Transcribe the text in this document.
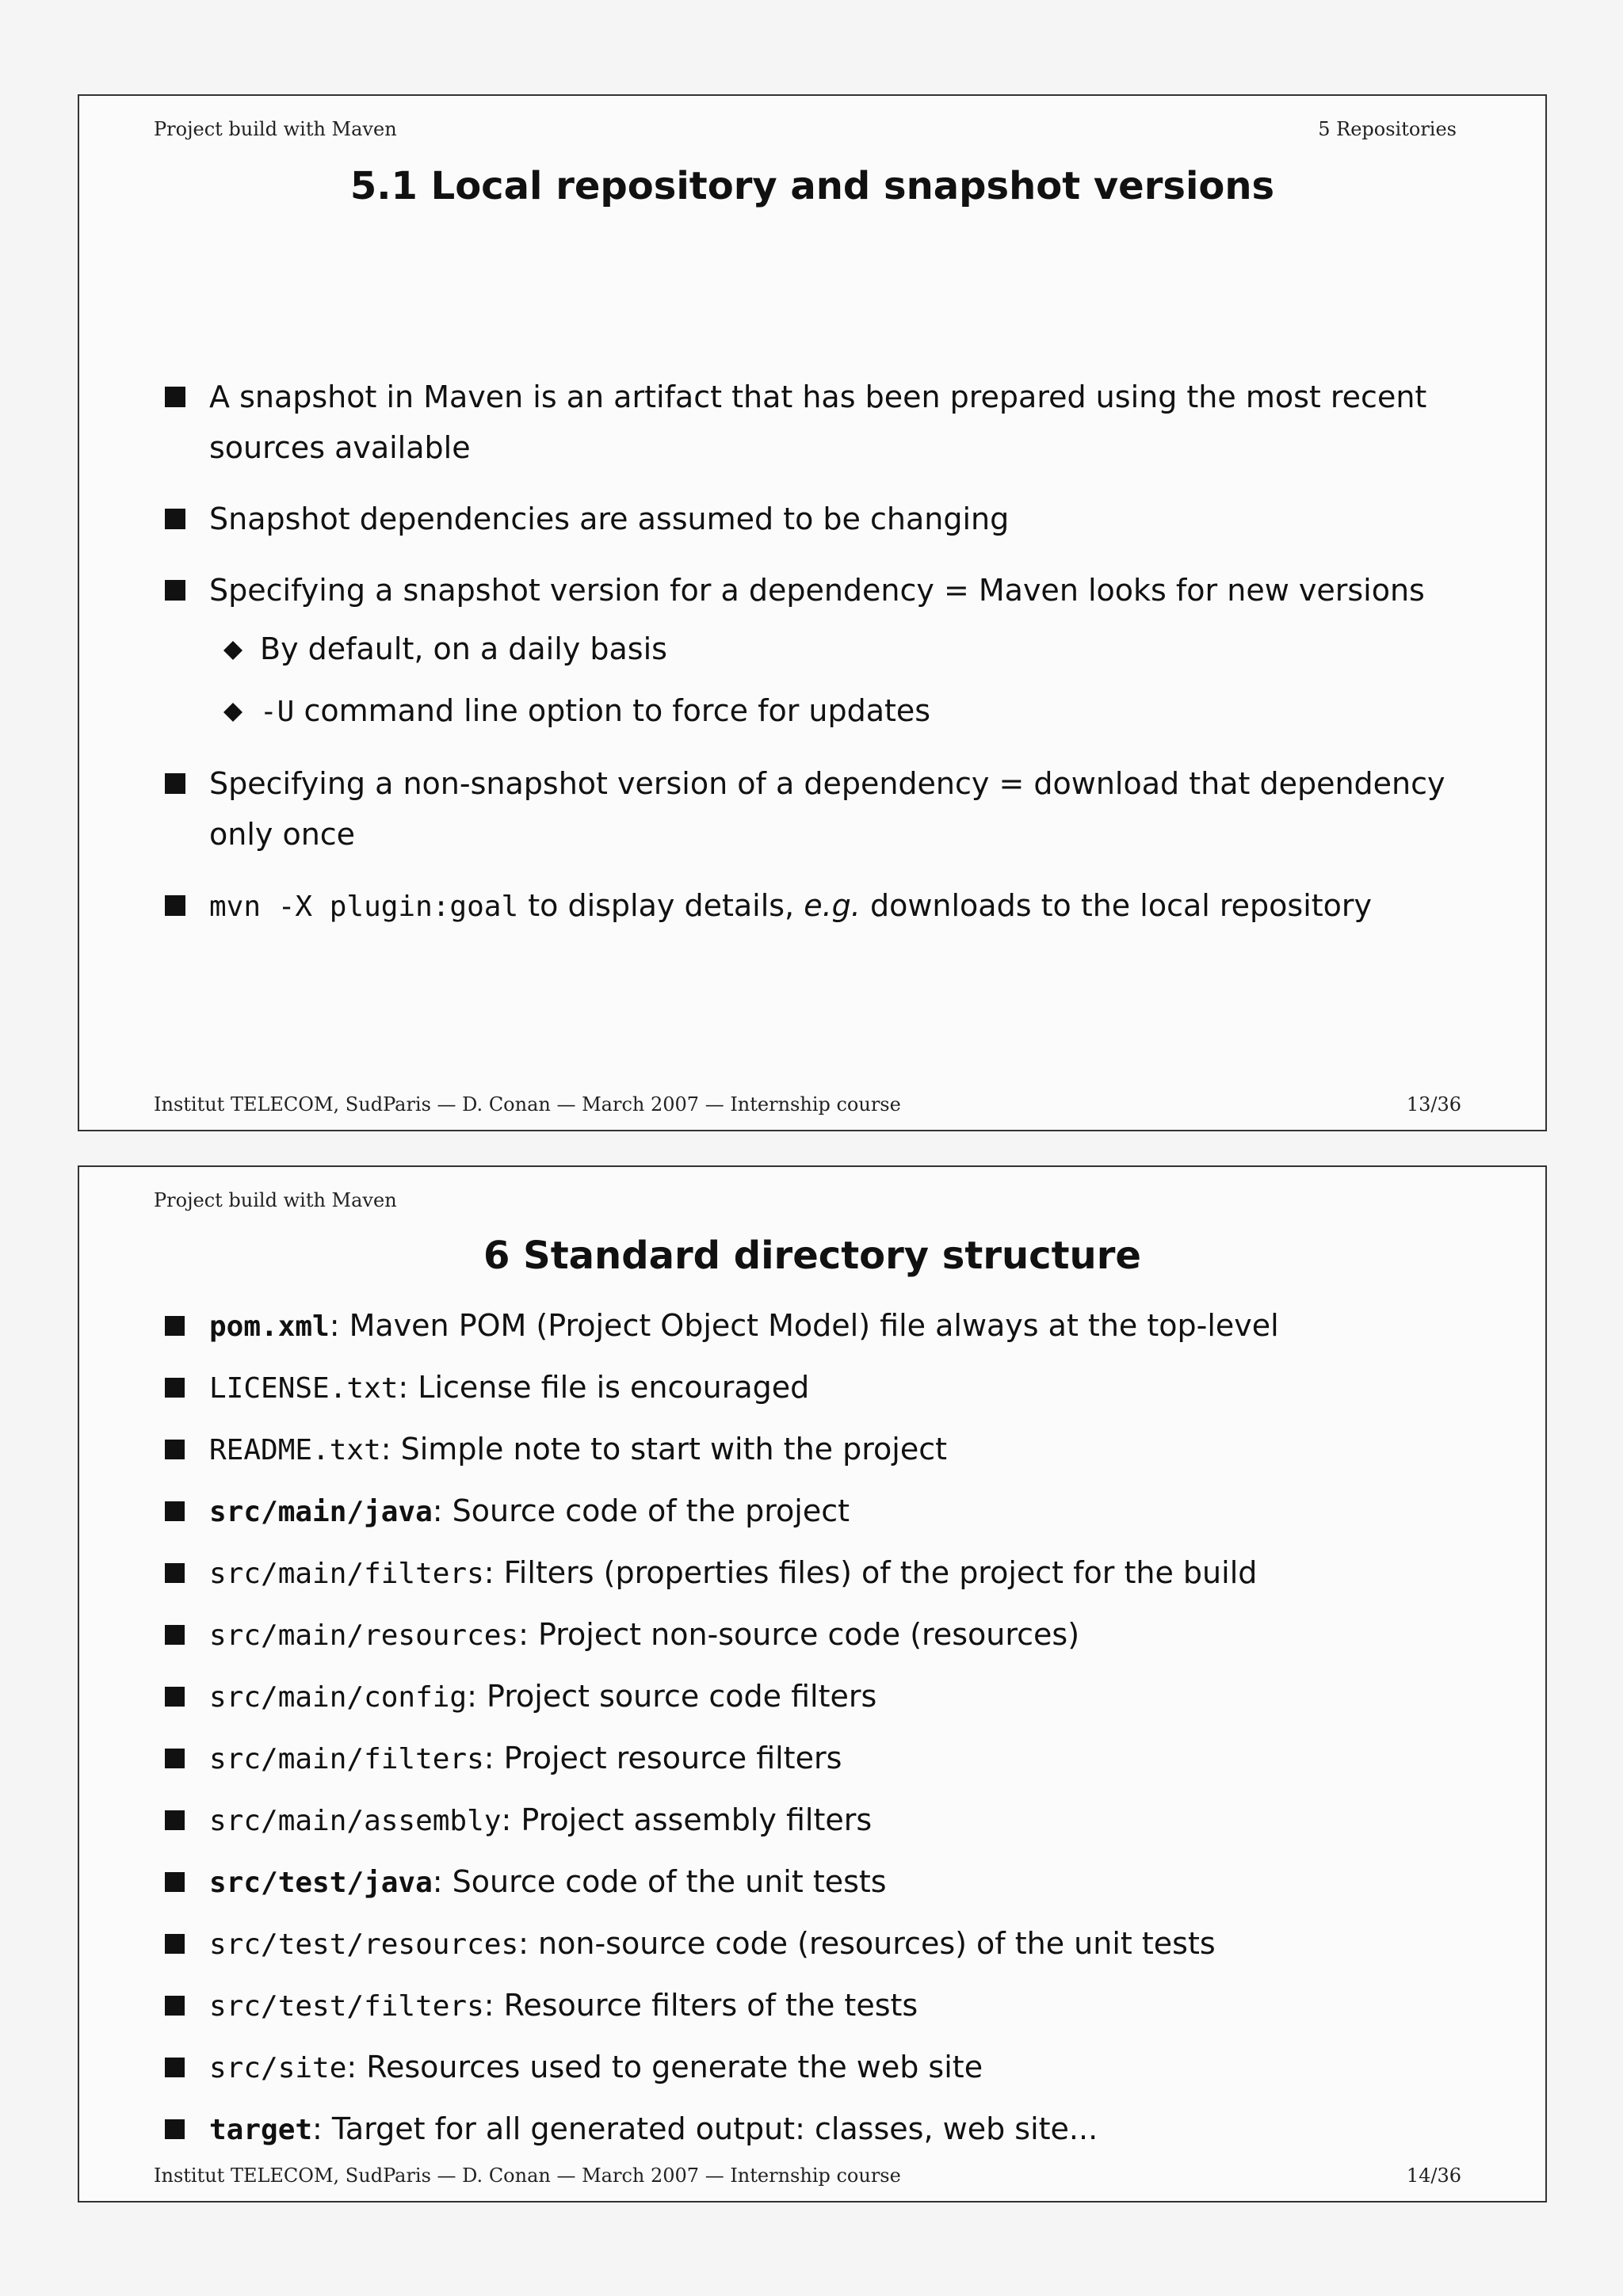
Project build with Maven	5 Repositories

5.1 Local repository and snapshot versions
A snapshot in Maven is an artifact that has been prepared using the most recent sources available
Snapshot dependencies are assumed to be changing
Specifying a snapshot version for a dependency = Maven looks for new versions
By default, on a daily basis
-U command line option to force for updates
Specifying a non-snapshot version of a dependency = download that dependency only once
mvn -X plugin:goal to display details, e.g. downloads to the local repository

Institut TELECOM, SudParis — D. Conan — March 2007 — Internship course	13/36

Project build with Maven

6 Standard directory structure
pom.xml: Maven POM (Project Object Model) file always at the top-level
LICENSE.txt: License file is encouraged
README.txt: Simple note to start with the project
src/main/java: Source code of the project
src/main/filters: Filters (properties files) of the project for the build
src/main/resources: Project non-source code (resources)
src/main/config: Project source code filters
src/main/filters: Project resource filters
src/main/assembly: Project assembly filters
src/test/java: Source code of the unit tests
src/test/resources: non-source code (resources) of the unit tests
src/test/filters: Resource filters of the tests
src/site: Resources used to generate the web site
target: Target for all generated output: classes, web site...

Institut TELECOM, SudParis — D. Conan — March 2007 — Internship course	14/36
